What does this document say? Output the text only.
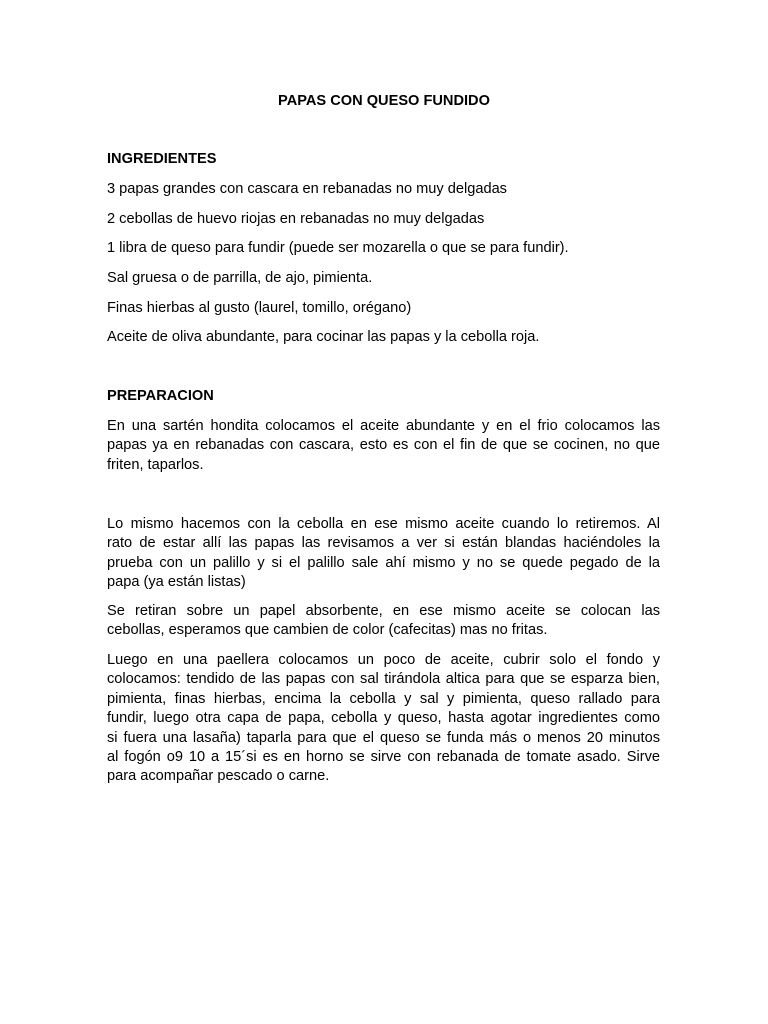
PAPAS CON QUESO FUNDIDO

INGREDIENTES

3 papas grandes con cascara en rebanadas no muy delgadas

2 cebollas de huevo riojas en rebanadas no muy delgadas

1 libra de queso para fundir (puede ser mozarella o que se para fundir).

Sal gruesa o de parrilla, de ajo, pimienta.

Finas hierbas al gusto (laurel, tomillo, orégano)

Aceite de oliva abundante, para cocinar las papas y la cebolla roja.

PREPARACION

En una sartén hondita colocamos el aceite abundante y en el frio colocamos las
papas ya en rebanadas con cascara, esto es con el fin de que se cocinen, no que
friten, taparlos.
Lo mismo hacemos con la cebolla en ese mismo aceite cuando lo retiremos. Al
rato de estar allí las papas las revisamos a ver si están blandas haciéndoles la
prueba con un palillo y si el palillo sale ahí mismo y no se quede pegado de la
papa (ya están listas)
Se retiran sobre un papel absorbente, en ese mismo aceite se colocan las
cebollas, esperamos que cambien de color (cafecitas) mas no fritas.
Luego en una paellera colocamos un poco de aceite, cubrir solo el fondo y
colocamos: tendido de las papas con sal tirándola altica para que se esparza bien,
pimienta, finas hierbas, encima la cebolla y sal y pimienta, queso rallado para
fundir, luego otra capa de papa, cebolla y queso, hasta agotar ingredientes como
si fuera una lasaña) taparla para que el queso se funda más o menos 20 minutos
al fogón o9 10 a 15´si es en horno se sirve con rebanada de tomate asado. Sirve
para acompañar pescado o carne.
